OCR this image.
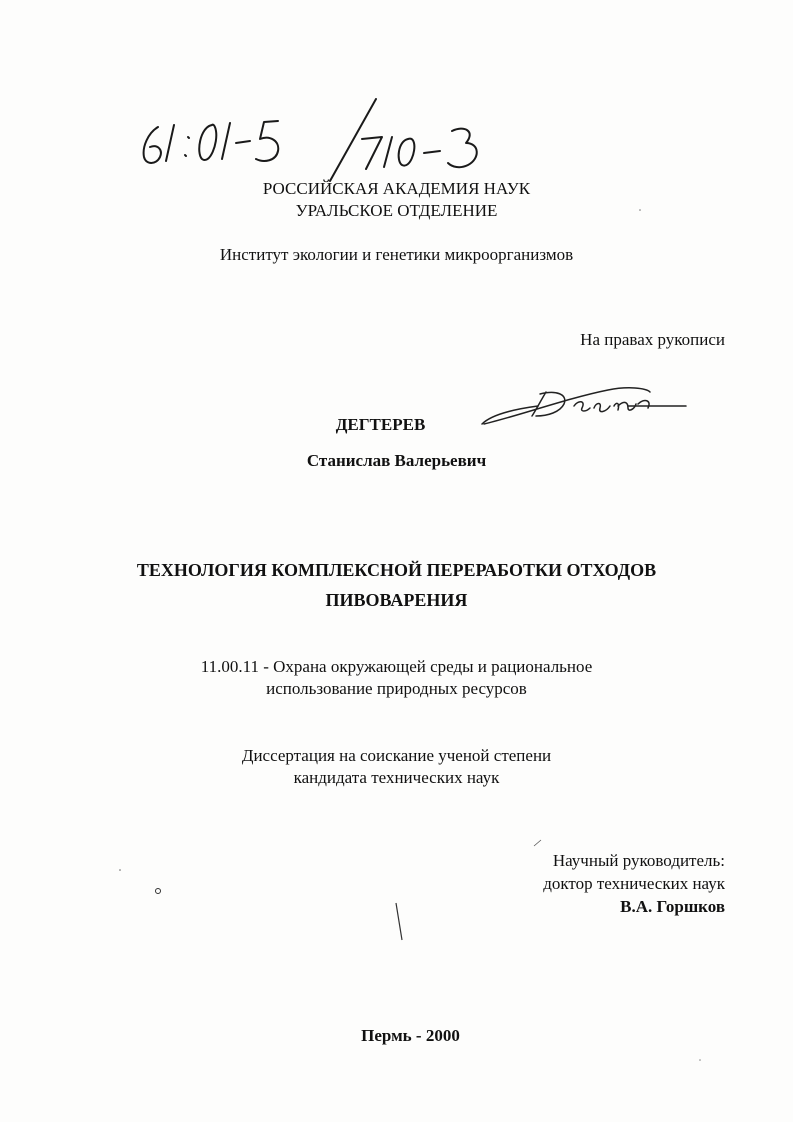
РОССИЙСКАЯ АКАДЕМИЯ НАУК
УРАЛЬСКОЕ ОТДЕЛЕНИЕ
Институт экологии и генетики микроорганизмов
На правах рукописи
ДЕГТЕРЕВ
Станислав Валерьевич
ТЕХНОЛОГИЯ КОМПЛЕКСНОЙ ПЕРЕРАБОТКИ ОТХОДОВ
ПИВОВАРЕНИЯ
11.00.11 - Охрана окружающей среды и рациональное
использование природных ресурсов
Диссертация на соискание ученой степени
кандидата технических наук
Научный руководитель:
доктор технических наук
В.А. Горшков
Пермь - 2000
